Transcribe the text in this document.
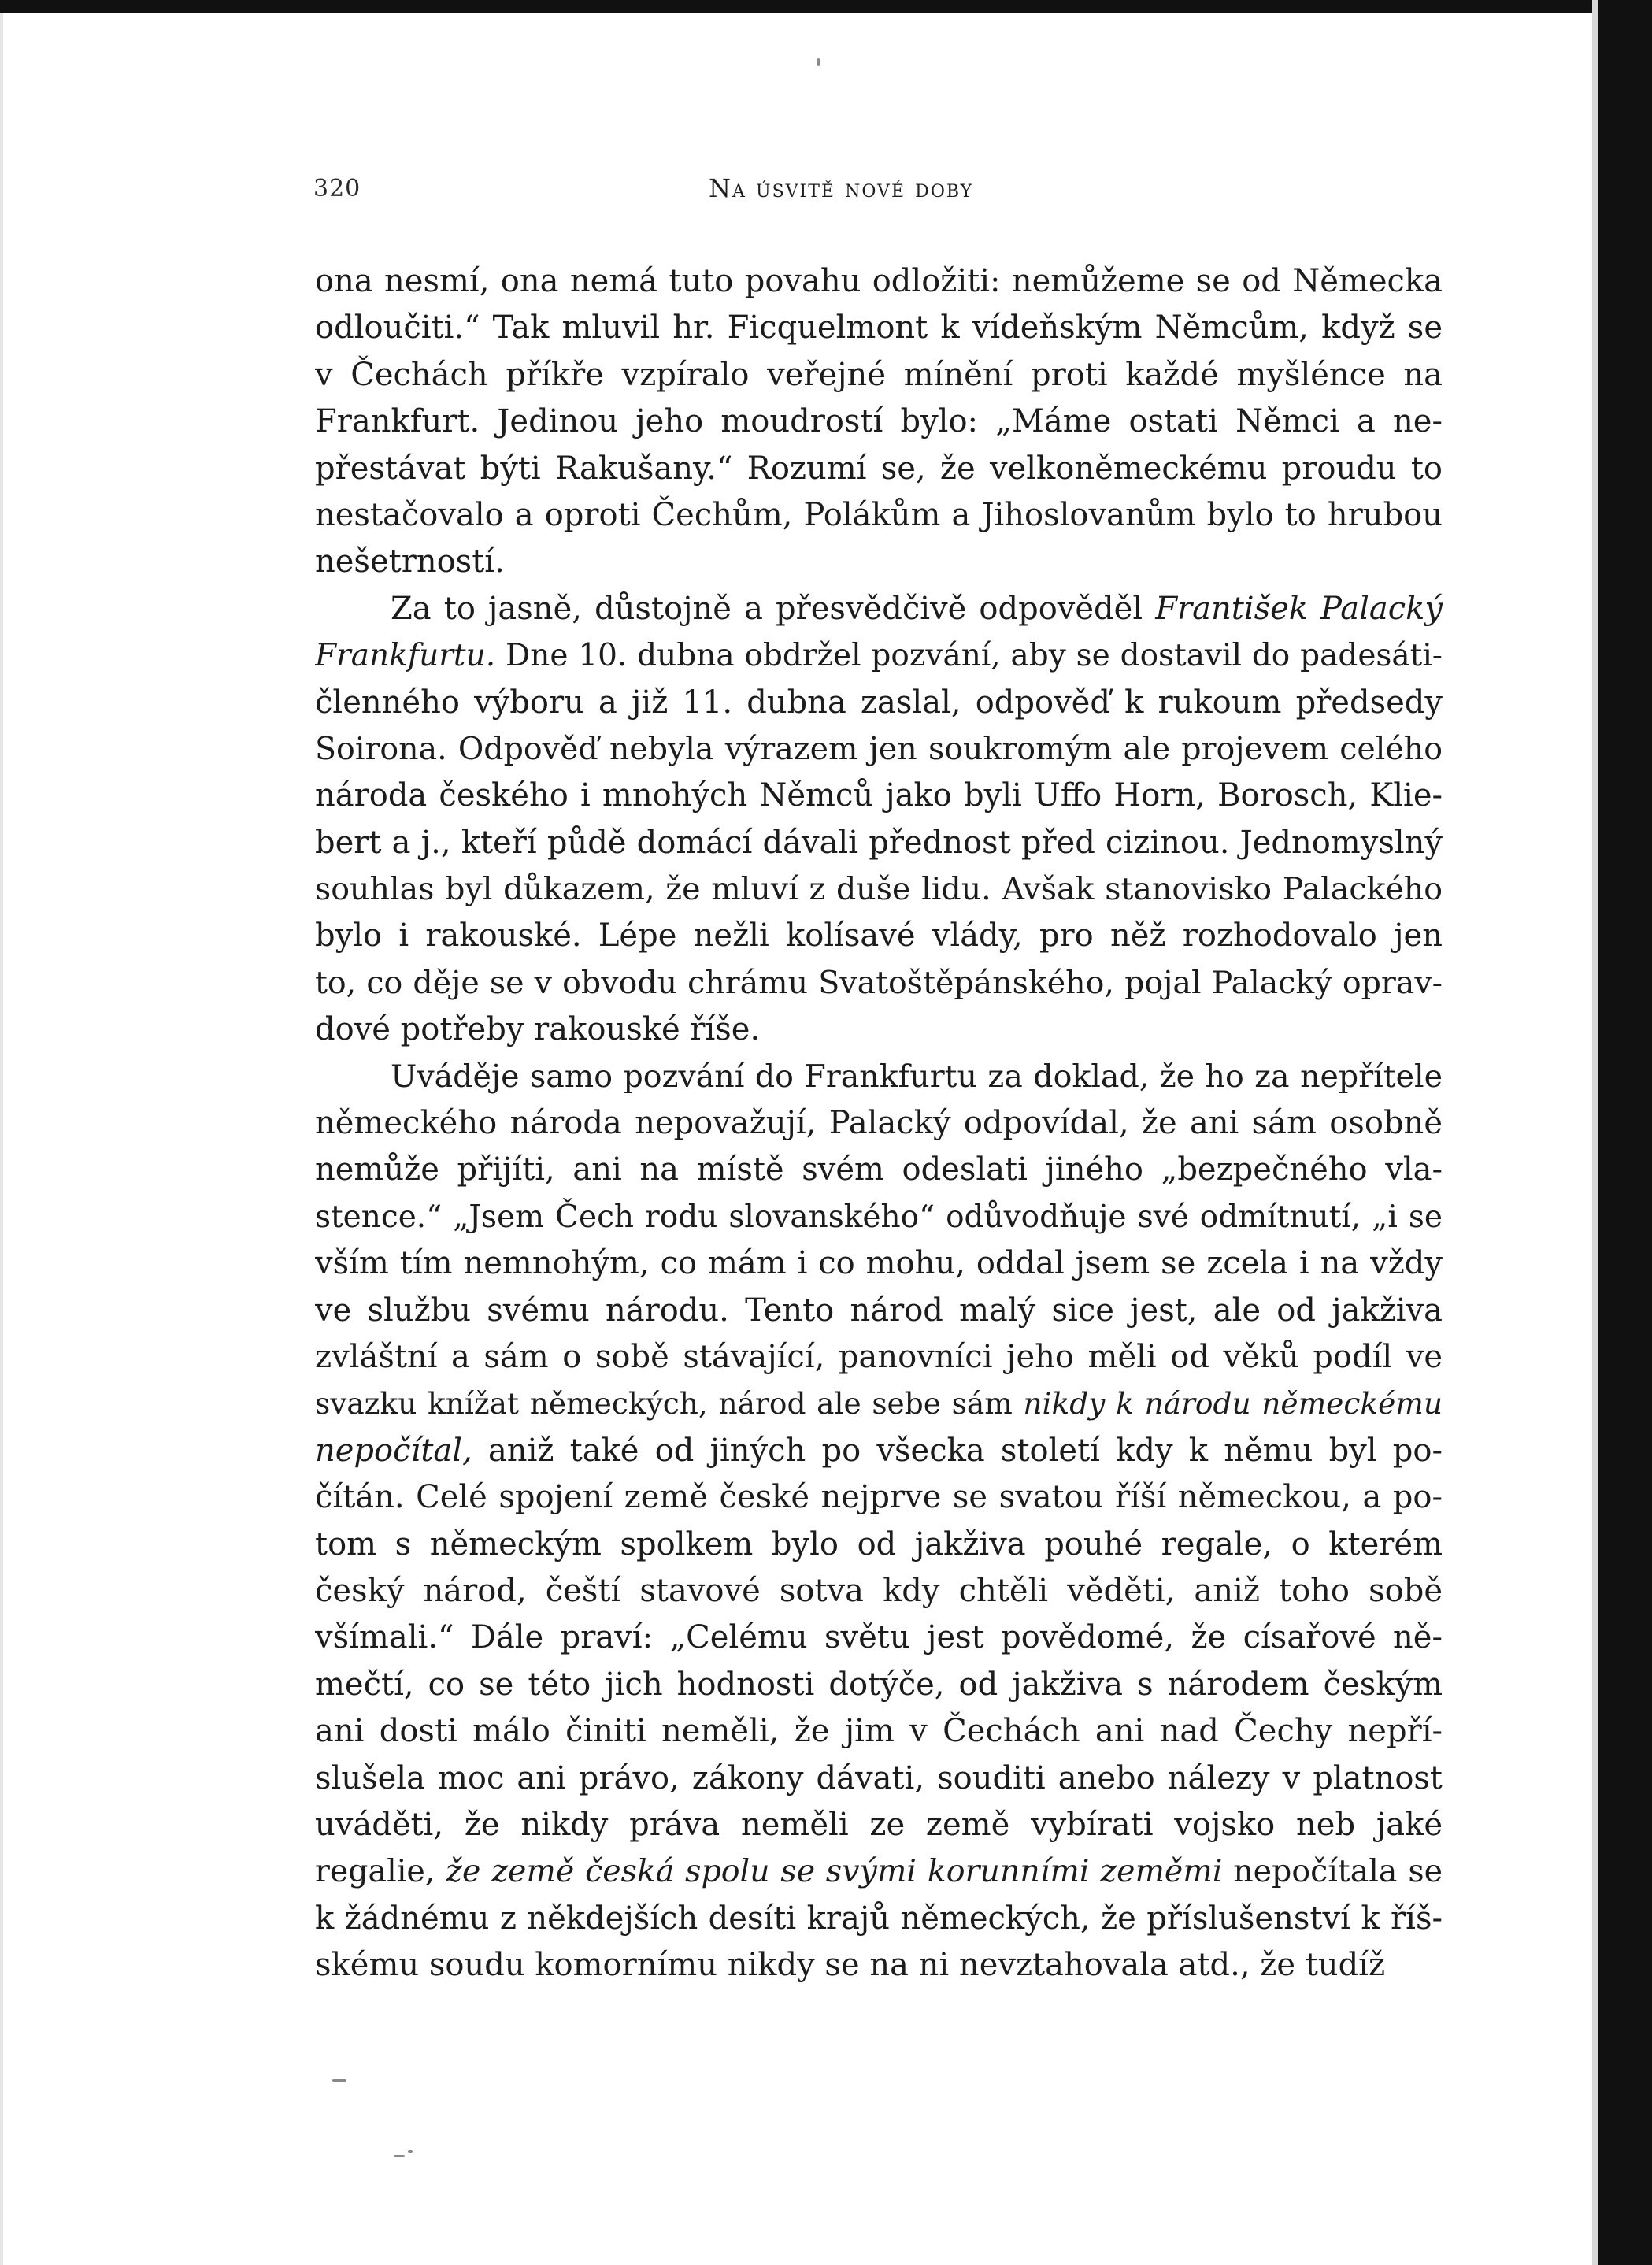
320	Na úsvitě nové doby
ona nesmí, ona nemá tuto povahu odložiti: nemůžeme se od Německa
odloučiti.“ Tak mluvil hr. Ficquelmont k vídeňským Němcům, když se
v Čechách příkře vzpíralo veřejné mínění proti každé myšlénce na
Frankfurt. Jedinou jeho moudrostí bylo: „Máme ostati Němci a ne-
přestávat býti Rakušany.“ Rozumí se, že velkoněmeckému proudu to
nestačovalo a oproti Čechům, Polákům a Jihoslovanům bylo to hrubou
nešetrností.
Za to jasně, důstojně a přesvědčivě odpověděl František Palacký
Frankfurtu. Dne 10. dubna obdržel pozvání, aby se dostavil do padesáti-
členného výboru a již 11. dubna zaslal, odpověď k rukoum předsedy
Soirona. Odpověď nebyla výrazem jen soukromým ale projevem celého
národa českého i mnohých Němců jako byli Uffo Horn, Borosch, Klie-
bert a j., kteří půdě domácí dávali přednost před cizinou. Jednomyslný
souhlas byl důkazem, že mluví z duše lidu. Avšak stanovisko Palackého
bylo i rakouské. Lépe nežli kolísavé vlády, pro něž rozhodovalo jen
to, co děje se v obvodu chrámu Svatoštěpánského, pojal Palacký oprav-
dové potřeby rakouské říše.
Uváděje samo pozvání do Frankfurtu za doklad, že ho za nepřítele
německého národa nepovažují, Palacký odpovídal, že ani sám osobně
nemůže přijíti, ani na místě svém odeslati jiného „bezpečného vla-
stence.“ „Jsem Čech rodu slovanského“ odůvodňuje své odmítnutí, „i se
vším tím nemnohým, co mám i co mohu, oddal jsem se zcela i na vždy
ve službu svému národu. Tento národ malý sice jest, ale od jakživa
zvláštní a sám o sobě stávající, panovníci jeho měli od věků podíl ve
svazku knížat německých, národ ale sebe sám nikdy k národu německému
nepočítal, aniž také od jiných po všecka století kdy k němu byl po-
čítán. Celé spojení země české nejprve se svatou říší německou, a po-
tom s německým spolkem bylo od jakživa pouhé regale, o kterém
český národ, čeští stavové sotva kdy chtěli věděti, aniž toho sobě
všímali.“ Dále praví: „Celému světu jest povědomé, že císařové ně-
mečtí, co se této jich hodnosti dotýče, od jakživa s národem českým
ani dosti málo činiti neměli, že jim v Čechách ani nad Čechy nepří-
slušela moc ani právo, zákony dávati, souditi anebo nálezy v platnost
uváděti, že nikdy práva neměli ze země vybírati vojsko neb jaké
regalie, že země česká spolu se svými korunními zeměmi nepočítala se
k žádnému z někdejších desíti krajů německých, že příslušenství k říš-
skému soudu komornímu nikdy se na ni nevztahovala atd., že tudíž
